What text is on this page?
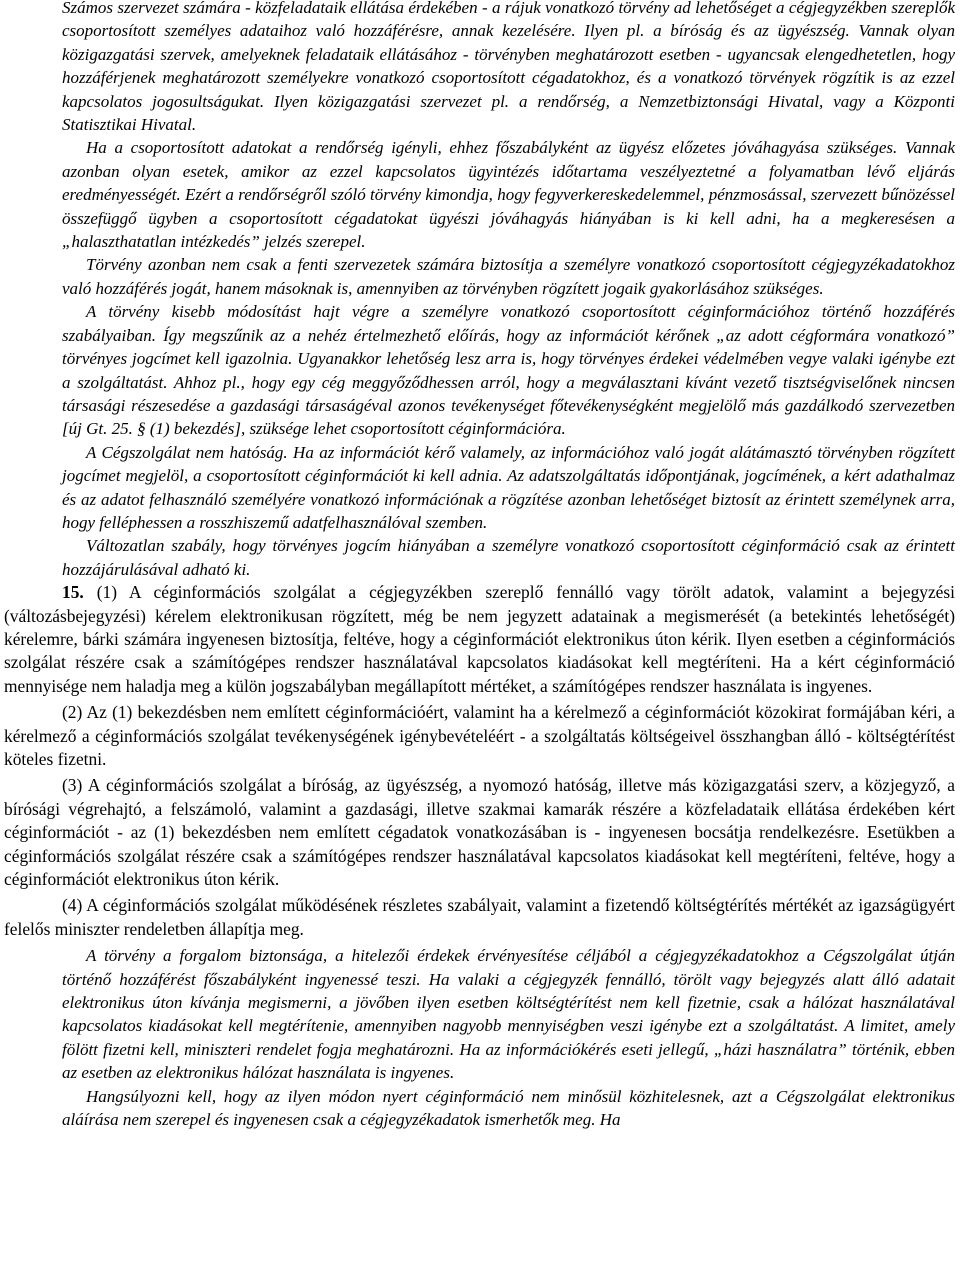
Számos szervezet számára - közfeladataik ellátása érdekében - a rájuk vonatkozó törvény ad lehetőséget a cégjegyzékben szereplők csoportosított személyes adataihoz való hozzáférésre, annak kezelésére. Ilyen pl. a bíróság és az ügyészség. Vannak olyan közigazgatási szervek, amelyeknek feladataik ellátásához - törvényben meghatározott esetben - ugyancsak elengedhetetlen, hogy hozzáférjenek meghatározott személyekre vonatkozó csoportosított cégadatokhoz, és a vonatkozó törvények rögzítik is az ezzel kapcsolatos jogosultságukat. Ilyen közigazgatási szervezet pl. a rendőrség, a Nemzetbiztonsági Hivatal, vagy a Központi Statisztikai Hivatal.

Ha a csoportosított adatokat a rendőrség igényli, ehhez főszabályként az ügyész előzetes jóváhagyása szükséges. Vannak azonban olyan esetek, amikor az ezzel kapcsolatos ügyintézés időtartama veszélyeztetné a folyamatban lévő eljárás eredményességét. Ezért a rendőrségről szóló törvény kimondja, hogy fegyverkereskedelemmel, pénzmosással, szervezett bűnözéssel összefüggő ügyben a csoportosított cégadatokat ügyészi jóváhagyás hiányában is ki kell adni, ha a megkeresésen a „halaszthatatlan intézkedés” jelzés szerepel.

Törvény azonban nem csak a fenti szervezetek számára biztosítja a személyre vonatkozó csoportosított cégjegyzékadatokhoz való hozzáférés jogát, hanem másoknak is, amennyiben az törvényben rögzített jogaik gyakorlásához szükséges.

A törvény kisebb módosítást hajt végre a személyre vonatkozó csoportosított céginformációhoz történő hozzáférés szabályaiban. Így megszűnik az a nehéz értelmezhető előírás, hogy az információt kérőnek „az adott cégformára vonatkozó” törvényes jogcímet kell igazolnia. Ugyanakkor lehetőség lesz arra is, hogy törvényes érdekei védelmében vegye valaki igénybe ezt a szolgáltatást. Ahhoz pl., hogy egy cég meggyőződhessen arról, hogy a megválasztani kívánt vezető tisztségviselőnek nincsen társasági részesedése a gazdasági társaságéval azonos tevékenységet főtevékenységként megjelölő más gazdálkodó szervezetben [új Gt. 25. § (1) bekezdés], szüksége lehet csoportosított céginformációra.

A Cégszolgálat nem hatóság. Ha az információt kérő valamely, az információhoz való jogát alátámasztó törvényben rögzített jogcímet megjelöl, a csoportosított céginformációt ki kell adnia. Az adatszolgáltatás időpontjának, jogcímének, a kért adathalmaz és az adatot felhasználó személyére vonatkozó információnak a rögzítése azonban lehetőséget biztosít az érintett személynek arra, hogy felléphessen a rosszhiszemű adatfelhasználóval szemben.

Változatlan szabály, hogy törvényes jogcím hiányában a személyre vonatkozó csoportosított céginformáció csak az érintett hozzájárulásával adható ki.

15. (1) A céginformációs szolgálat a cégjegyzékben szereplő fennálló vagy törölt adatok, valamint a bejegyzési (változásbejegyzési) kérelem elektronikusan rögzített, még be nem jegyzett adatainak a megismerését (a betekintés lehetőségét) kérelemre, bárki számára ingyenesen biztosítja, feltéve, hogy a céginformációt elektronikus úton kérik. Ilyen esetben a céginformációs szolgálat részére csak a számítógépes rendszer használatával kapcsolatos kiadásokat kell megtéríteni. Ha a kért céginformáció mennyisége nem haladja meg a külön jogszabályban megállapított mértéket, a számítógépes rendszer használata is ingyenes.

(2) Az (1) bekezdésben nem említett céginformációért, valamint ha a kérelmező a céginformációt közokirat formájában kéri, a kérelmező a céginformációs szolgálat tevékenységének igénybevételéért - a szolgáltatás költségeivel összhangban álló - költségtérítést köteles fizetni.

(3) A céginformációs szolgálat a bíróság, az ügyészség, a nyomozó hatóság, illetve más közigazgatási szerv, a közjegyző, a bírósági végrehajtó, a felszámoló, valamint a gazdasági, illetve szakmai kamarák részére a közfeladataik ellátása érdekében kért céginformációt - az (1) bekezdésben nem említett cégadatok vonatkozásában is - ingyenesen bocsátja rendelkezésre. Esetükben a céginformációs szolgálat részére csak a számítógépes rendszer használatával kapcsolatos kiadásokat kell megtéríteni, feltéve, hogy a céginformációt elektronikus úton kérik.

(4) A céginformációs szolgálat működésének részletes szabályait, valamint a fizetendő költségtérítés mértékét az igazságügyért felelős miniszter rendeletben állapítja meg.

A törvény a forgalom biztonsága, a hitelezői érdekek érvényesítése céljából a cégjegyzékadatokhoz a Cégszolgálat útján történő hozzáférést főszabályként ingyenessé teszi. Ha valaki a cégjegyzék fennálló, törölt vagy bejegyzés alatt álló adatait elektronikus úton kívánja megismerni, a jövőben ilyen esetben költségtérítést nem kell fizetnie, csak a hálózat használatával kapcsolatos kiadásokat kell megtérítenie, amennyiben nagyobb mennyiségben veszi igénybe ezt a szolgáltatást. A limitet, amely fölött fizetni kell, miniszteri rendelet fogja meghatározni. Ha az információkérés eseti jellegű, „házi használatra” történik, ebben az esetben az elektronikus hálózat használata is ingyenes.

Hangsúlyozni kell, hogy az ilyen módon nyert céginformáció nem minősül közhitelesnek, azt a Cégszolgálat elektronikus aláírása nem szerepel és ingyenesen csak a cégjegyzékadatok ismerhetők meg. Ha
